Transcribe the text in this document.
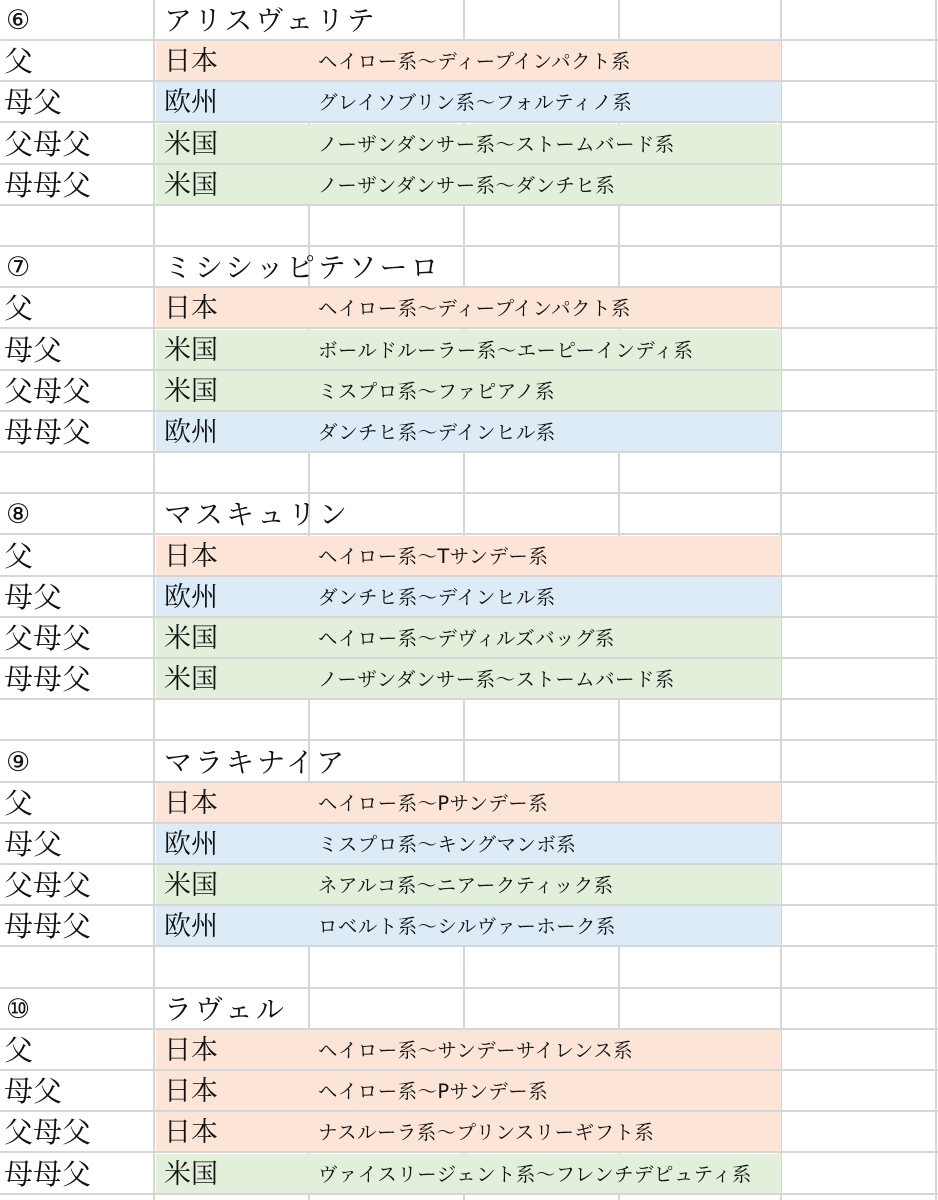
⑥	アリスヴェリテ
父	日本	ヘイロー系〜ディープインパクト系
母父	欧州	グレイソブリン系〜フォルティノ系
父母父	米国	ノーザンダンサー系〜ストームバード系
母母父	米国	ノーザンダンサー系〜ダンチヒ系
⑦	ミシシッピテソーロ
父	日本	ヘイロー系〜ディープインパクト系
母父	米国	ボールドルーラー系〜エーピーインディ系
父母父	米国	ミスプロ系〜ファピアノ系
母母父	欧州	ダンチヒ系〜デインヒル系
⑧	マスキュリン
父	日本	ヘイロー系〜Tサンデー系
母父	欧州	ダンチヒ系〜デインヒル系
父母父	米国	ヘイロー系〜デヴィルズバッグ系
母母父	米国	ノーザンダンサー系〜ストームバード系
⑨	マラキナイア
父	日本	ヘイロー系〜Pサンデー系
母父	欧州	ミスプロ系〜キングマンボ系
父母父	米国	ネアルコ系〜ニアークティック系
母母父	欧州	ロベルト系〜シルヴァーホーク系
⑩	ラヴェル
父	日本	ヘイロー系〜サンデーサイレンス系
母父	日本	ヘイロー系〜Pサンデー系
父母父	日本	ナスルーラ系〜プリンスリーギフト系
母母父	米国	ヴァイスリージェント系〜フレンチデピュティ系
